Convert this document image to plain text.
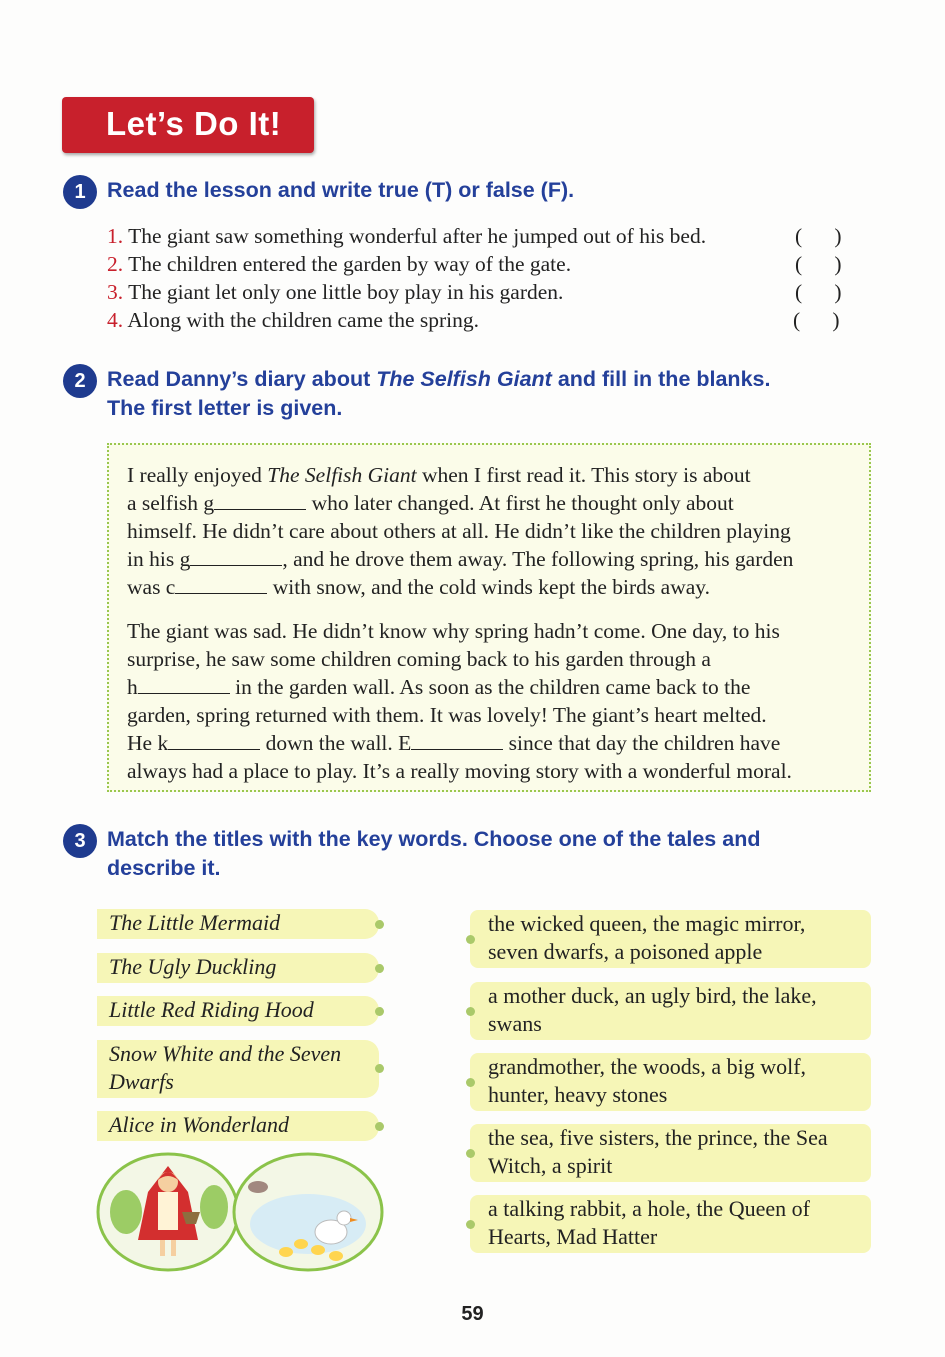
Let’s Do It!
1 Read the lesson and write true (T) or false (F).
1. The giant saw something wonderful after he jumped out of his bed.	(      )
2. The children entered the garden by way of the gate.	(      )
3. The giant let only one little boy play in his garden.	(      )
4. Along with the children came the spring.	(      )
2 Read Danny’s diary about The Selfish Giant and fill in the blanks.
The first letter is given.

I really enjoyed The Selfish Giant when I first read it. This story is about
a selfish g	who later changed. At first he thought only about
himself. He didn’t care about others at all. He didn’t like the children playing
in his g	, and he drove them away. The following spring, his garden
was c	with snow, and the cold winds kept the birds away.

The giant was sad. He didn’t know why spring hadn’t come. One day, to his
surprise, he saw some children coming back to his garden through a
h	in the garden wall. As soon as the children came back to the
garden, spring returned with them. It was lovely! The giant’s heart melted.
He k	down the wall. E	since that day the children have
always had a place to play. It’s a really moving story with a wonderful moral.

3 Match the titles with the key words. Choose one of the tales and
describe it.
The Little Mermaid
The Ugly Duckling
Little Red Riding Hood
Snow White and the Seven
Dwarfs
Alice in Wonderland
the wicked queen, the magic mirror,
seven dwarfs, a poisoned apple
a mother duck, an ugly bird, the lake,
swans
grandmother, the woods, a big wolf,
hunter, heavy stones
the sea, five sisters, the prince, the Sea
Witch, a spirit
a talking rabbit, a hole, the Queen of
Hearts, Mad Hatter
59
